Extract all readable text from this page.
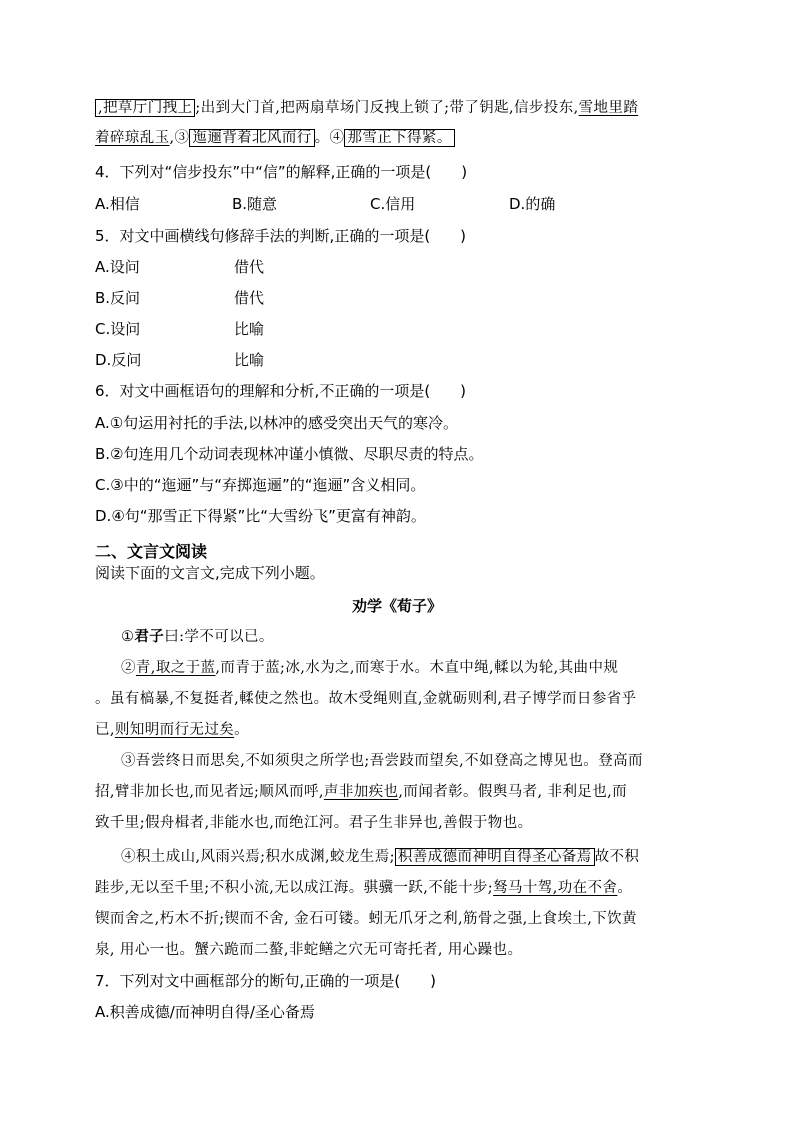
,把草厅门拽上 ;出到大门首,把两扇草场门反拽上锁了;带了钥匙,信步投东,雪地里踏
着碎琼乱玉,③ 迤逦背着北风而行 。④ 那雪正下得紧。
4．下列对“信步投东”中“信”的解释,正确的一项是(　　)
A.相信	B.随意	C.信用	D.的确
5．对文中画横线句修辞手法的判断,正确的一项是(　　)
A.设问	借代
B.反问	借代
C.设问	比喻
D.反问	比喻
6．对文中画框语句的理解和分析,不正确的一项是(　　)
A.①句运用衬托的手法,以林冲的感受突出天气的寒冷。
B.②句连用几个动词表现林冲谨小慎微、尽职尽责的特点。
C.③中的“迤逦”与“弃掷迤逦”的“迤逦”含义相同。
D.④句“那雪正下得紧”比“大雪纷飞”更富有神韵。
二、文言文阅读
阅读下面的文言文,完成下列小题。
劝学《荀子》
①君子曰:学不可以已。
②青,取之于蓝,而青于蓝;冰,水为之,而寒于水。木直中绳,輮以为轮,其曲中规
。虽有槁暴,不复挺者,輮使之然也。故木受绳则直,金就砺则利,君子博学而日参省乎
已,则知明而行无过矣。
③吾尝终日而思矣,不如须臾之所学也;吾尝跂而望矣,不如登高之博见也。登高而
招,臂非加长也,而见者远;顺风而呼,声非加疾也,而闻者彰。假舆马者, 非利足也,而
致千里;假舟楫者,非能水也,而绝江河。君子生非异也,善假于物也。
④积土成山,风雨兴焉;积水成渊,蛟龙生焉; 积善成德而神明自得圣心备焉 故不积
跬步,无以至千里;不积小流,无以成江海。骐骥一跃,不能十步;驽马十驾,功在不舍。
锲而舍之,朽木不折;锲而不舍, 金石可镂。蚓无爪牙之利,筋骨之强,上食埃土,下饮黄
泉, 用心一也。蟹六跪而二螯,非蛇鳝之穴无可寄托者, 用心躁也。
7．下列对文中画框部分的断句,正确的一项是(　　)
A.积善成德/而神明自得/圣心备焉
